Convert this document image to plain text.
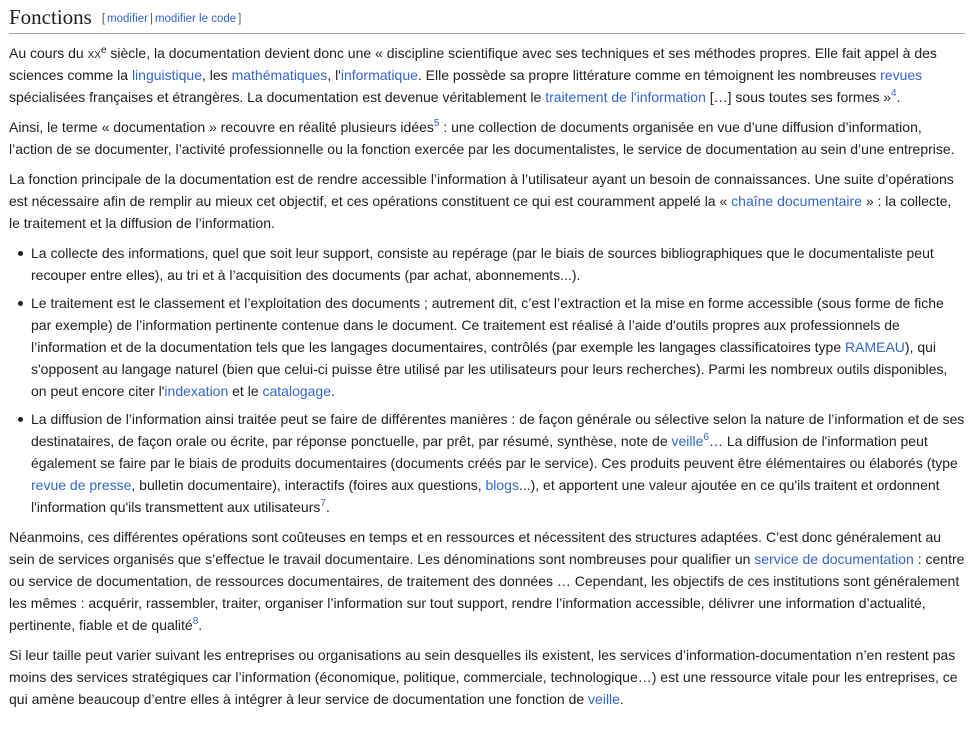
Fonctions [ modifier | modifier le code ]

Au cours du $xx^e$ siècle, la documentation devient donc une « discipline scientifique avec ses techniques et ses méthodes propres. Elle fait appel à des sciences comme la linguistique, les mathématiques, l'informatique. Elle possède sa propre littérature comme en témoignent les nombreuses revues spécialisées françaises et étrangères. La documentation est devenue véritablement le traitement de l'information […] sous toutes ses formes »$^4$.

Ainsi, le terme « documentation » recouvre en réalité plusieurs idées$^5$ : une collection de documents organisée en vue d’une diffusion d’information, l’action de se documenter, l’activité professionnelle ou la fonction exercée par les documentalistes, le service de documentation au sein d’une entreprise.

La fonction principale de la documentation est de rendre accessible l’information à l’utilisateur ayant un besoin de connaissances. Une suite d’opérations est nécessaire afin de remplir au mieux cet objectif, et ces opérations constituent ce qui est couramment appelé la « chaîne documentaire » : la collecte, le traitement et la diffusion de l’information.

La collecte des informations, quel que soit leur support, consiste au repérage (par le biais de sources bibliographiques que le documentaliste peut recouper entre elles), au tri et à l’acquisition des documents (par achat, abonnements...).
Le traitement est le classement et l’exploitation des documents ; autrement dit, c’est l’extraction et la mise en forme accessible (sous forme de fiche par exemple) de l’information pertinente contenue dans le document. Ce traitement est réalisé à l’aide d'outils propres aux professionnels de l’information et de la documentation tels que les langages documentaires, contrôlés (par exemple les langages classificatoires type RAMEAU), qui s'opposent au langage naturel (bien que celui-ci puisse être utilisé par les utilisateurs pour leurs recherches). Parmi les nombreux outils disponibles, on peut encore citer l'indexation et le catalogage.
La diffusion de l’information ainsi traitée peut se faire de différentes manières : de façon générale ou sélective selon la nature de l’information et de ses destinataires, de façon orale ou écrite, par réponse ponctuelle, par prêt, par résumé, synthèse, note de veille$^6$… La diffusion de l'information peut également se faire par le biais de produits documentaires (documents créés par le service). Ces produits peuvent être élémentaires ou élaborés (type revue de presse, bulletin documentaire), interactifs (foires aux questions, blogs...), et apportent une valeur ajoutée en ce qu'ils traitent et ordonnent l'information qu'ils transmettent aux utilisateurs$^7$.

Néanmoins, ces différentes opérations sont coûteuses en temps et en ressources et nécessitent des structures adaptées. C’est donc généralement au sein de services organisés que s’effectue le travail documentaire. Les dénominations sont nombreuses pour qualifier un service de documentation : centre ou service de documentation, de ressources documentaires, de traitement des données … Cependant, les objectifs de ces institutions sont généralement les mêmes : acquérir, rassembler, traiter, organiser l’information sur tout support, rendre l’information accessible, délivrer une information d’actualité, pertinente, fiable et de qualité$^8$.

Si leur taille peut varier suivant les entreprises ou organisations au sein desquelles ils existent, les services d’information-documentation n’en restent pas moins des services stratégiques car l’information (économique, politique, commerciale, technologique…) est une ressource vitale pour les entreprises, ce qui amène beaucoup d’entre elles à intégrer à leur service de documentation une fonction de veille.
